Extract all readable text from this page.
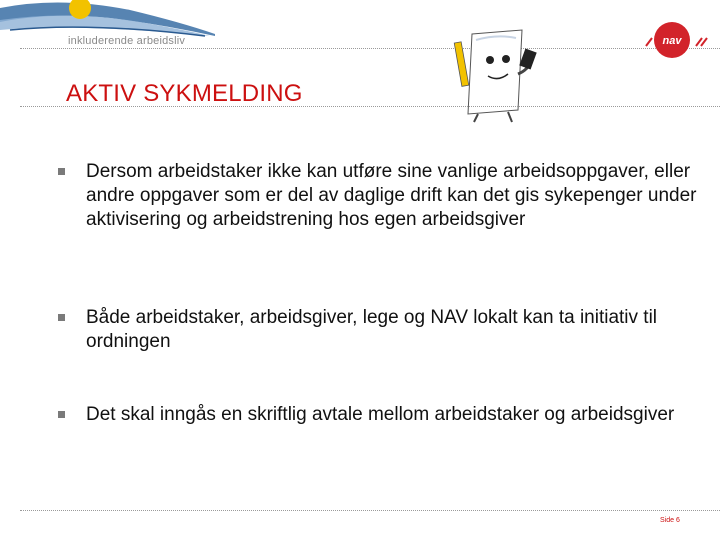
inkluderende arbeidsliv	nav
AKTIV SYKMELDING
Dersom arbeidstaker ikke kan utføre sine vanlige arbeidsoppgaver, eller andre oppgaver som er del av daglige drift kan det gis sykepenger under aktivisering og arbeidstrening hos egen arbeidsgiver
Både arbeidstaker, arbeidsgiver, lege og NAV lokalt kan ta initiativ til ordningen
Det skal inngås en skriftlig avtale mellom arbeidstaker og arbeidsgiver
Side 6
